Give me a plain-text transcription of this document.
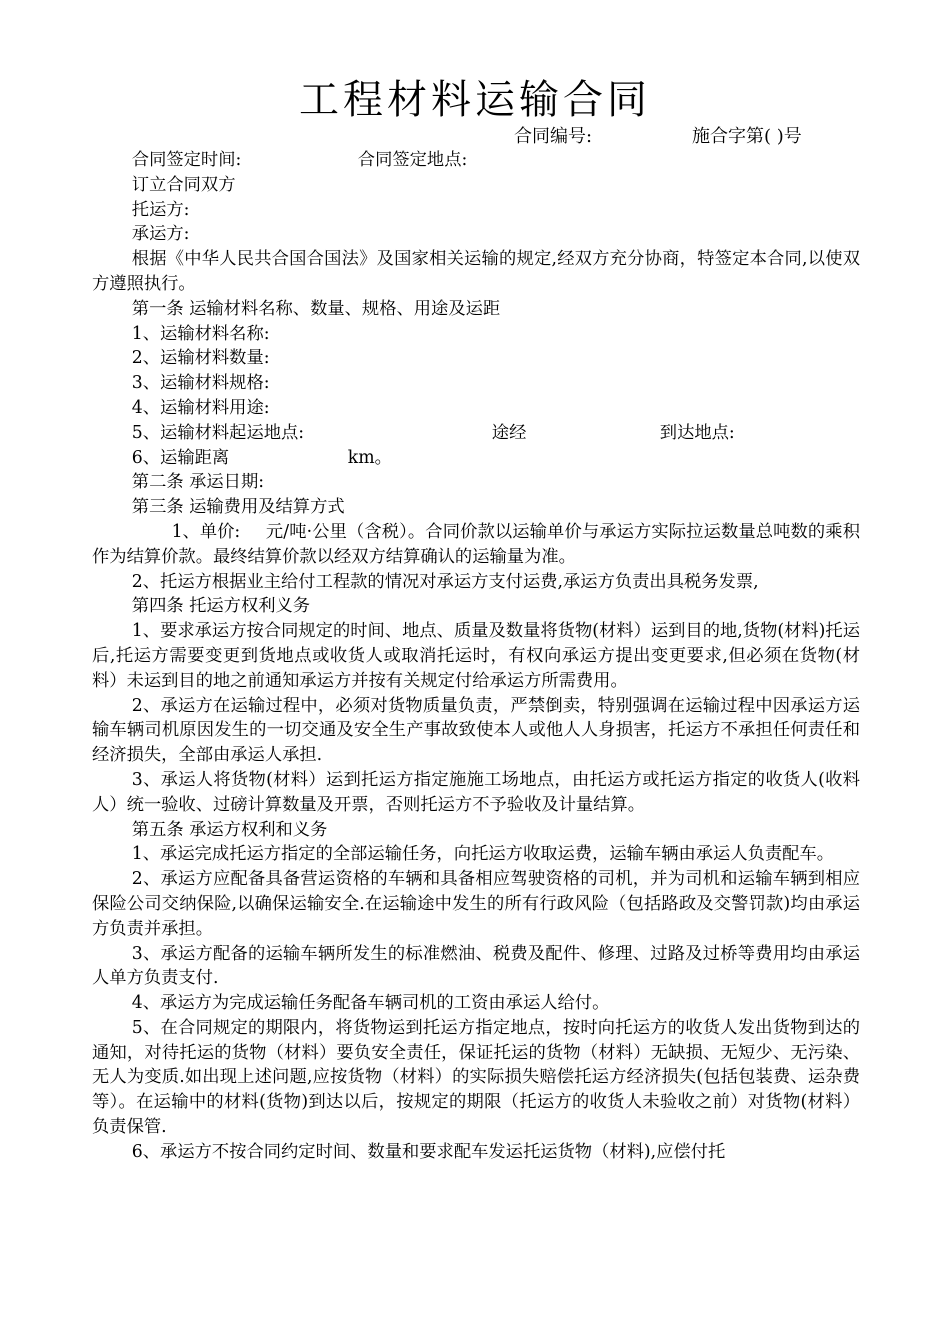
工程材料运输合同
合同编号:	施合字第( )号

合同签定时间:	合同签定地点:

订立合同双方

托运方:

承运方:

根据《中华人民共合国合国法》及国家相关运输的规定,经双方充分协商，特签定本合同,以使双方遵照执行。

第一条 运输材料名称、数量、规格、用途及运距

1、运输材料名称:

2、运输材料数量:

3、运输材料规格:

4、运输材料用途:

5、运输材料起运地点:	途经	到达地点:

6、运输距离	km。

第二条 承运日期:

第三条 运输费用及结算方式

1、单价: 元/吨·公里（含税）。合同价款以运输单价与承运方实际拉运数量总吨数的乘积作为结算价款。最终结算价款以经双方结算确认的运输量为准。

2、托运方根据业主给付工程款的情况对承运方支付运费,承运方负责出具税务发票,

第四条 托运方权利义务

1、要求承运方按合同规定的时间、地点、质量及数量将货物(材料）运到目的地,货物(材料)托运后,托运方需要变更到货地点或收货人或取消托运时，有权向承运方提出变更要求,但必须在货物(材料）未运到目的地之前通知承运方并按有关规定付给承运方所需费用。

2、承运方在运输过程中，必须对货物质量负责，严禁倒卖，特别强调在运输过程中因承运方运输车辆司机原因发生的一切交通及安全生产事故致使本人或他人人身损害，托运方不承担任何责任和经济损失，全部由承运人承担.

3、承运人将货物(材料）运到托运方指定施施工场地点，由托运方或托运方指定的收货人(收料人）统一验收、过磅计算数量及开票，否则托运方不予验收及计量结算。

第五条 承运方权利和义务

1、承运完成托运方指定的全部运输任务，向托运方收取运费，运输车辆由承运人负责配车。

2、承运方应配备具备营运资格的车辆和具备相应驾驶资格的司机，并为司机和运输车辆到相应保险公司交纳保险,以确保运输安全.在运输途中发生的所有行政风险（包括路政及交警罚款)均由承运方负责并承担。

3、承运方配备的运输车辆所发生的标准燃油、税费及配件、修理、过路及过桥等费用均由承运人单方负责支付.

4、承运方为完成运输任务配备车辆司机的工资由承运人给付。

5、在合同规定的期限内，将货物运到托运方指定地点，按时向托运方的收货人发出货物到达的通知，对待托运的货物（材料）要负安全责任，保证托运的货物（材料）无缺损、无短少、无污染、无人为变质.如出现上述问题,应按货物（材料）的实际损失赔偿托运方经济损失(包括包装费、运杂费等）。在运输中的材料(货物)到达以后，按规定的期限（托运方的收货人未验收之前）对货物(材料）负责保管.

6、承运方不按合同约定时间、数量和要求配车发运托运货物（材料),应偿付托
